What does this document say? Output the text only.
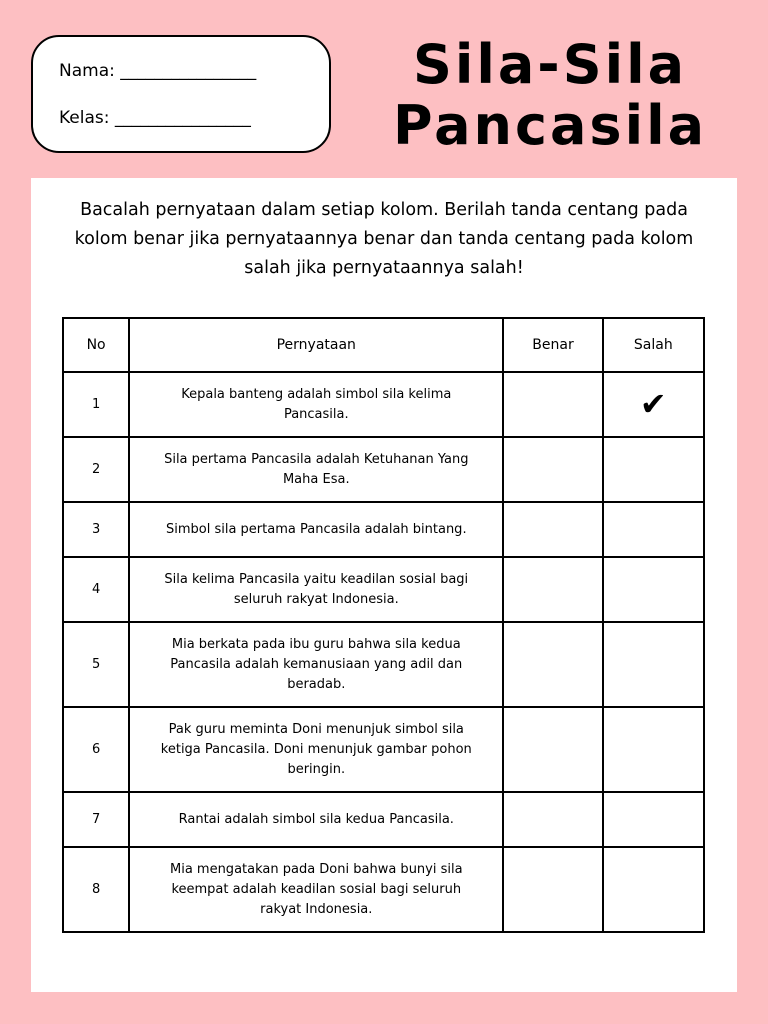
Nama: ________________
Kelas: ________________
Sila-Sila
Pancasila

Bacalah pernyataan dalam setiap kolom. Berilah tanda centang pada kolom benar jika pernyataannya benar dan tanda centang pada kolom salah jika pernyataannya salah!

No	Pernyataan	Benar	Salah
1	Kepala banteng adalah simbol sila kelima Pancasila.		✔
2	Sila pertama Pancasila adalah Ketuhanan Yang Maha Esa.		
3	Simbol sila pertama Pancasila adalah bintang.		
4	Sila kelima Pancasila yaitu keadilan sosial bagi seluruh rakyat Indonesia.		
5	Mia berkata pada ibu guru bahwa sila kedua Pancasila adalah kemanusiaan yang adil dan beradab.		
6	Pak guru meminta Doni menunjuk simbol sila ketiga Pancasila. Doni menunjuk gambar pohon beringin.		
7	Rantai adalah simbol sila kedua Pancasila.		
8	Mia mengatakan pada Doni bahwa bunyi sila keempat adalah keadilan sosial bagi seluruh rakyat Indonesia.		
